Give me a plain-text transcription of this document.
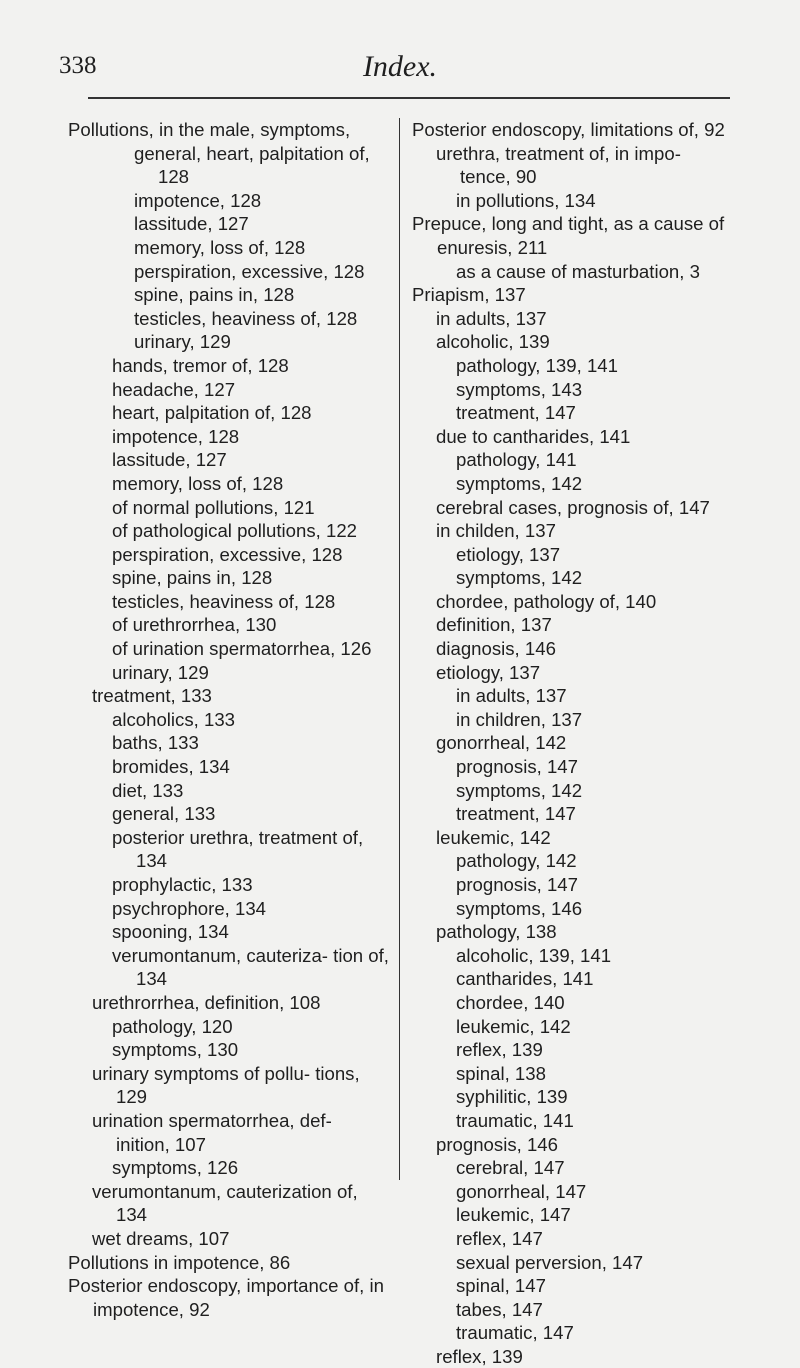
338	Index.
Pollutions, in the male, symptoms,
general, heart, palpitation of, 128
impotence, 128
lassitude, 127
memory, loss of, 128
perspiration, excessive, 128
spine, pains in, 128
testicles, heaviness of, 128
urinary, 129
hands, tremor of, 128
headache, 127
heart, palpitation of, 128
impotence, 128
lassitude, 127
memory, loss of, 128
of normal pollutions, 121
of pathological pollutions, 122
perspiration, excessive, 128
spine, pains in, 128
testicles, heaviness of, 128
of urethrorrhea, 130
of urination spermatorrhea, 126
urinary, 129
treatment, 133
alcoholics, 133
baths, 133
bromides, 134
diet, 133
general, 133
posterior urethra, treatment of, 134
prophylactic, 133
psychrophore, 134
spooning, 134
verumontanum, cauteriza- tion of, 134
urethrorrhea, definition, 108
pathology, 120
symptoms, 130
urinary symptoms of pollu- tions, 129
urination spermatorrhea, def- inition, 107
symptoms, 126
verumontanum, cauterization of, 134
wet dreams, 107
Pollutions in impotence, 86
Posterior endoscopy, importance of, in impotence, 92
Posterior endoscopy, limitations of, 92
urethra, treatment of, in impo- tence, 90
in pollutions, 134
Prepuce, long and tight, as a cause of enuresis, 211
as a cause of masturbation, 3
Priapism, 137
in adults, 137
alcoholic, 139
pathology, 139, 141
symptoms, 143
treatment, 147
due to cantharides, 141
pathology, 141
symptoms, 142
cerebral cases, prognosis of, 147
in childen, 137
etiology, 137
symptoms, 142
chordee, pathology of, 140
definition, 137
diagnosis, 146
etiology, 137
in adults, 137
in children, 137
gonorrheal, 142
prognosis, 147
symptoms, 142
treatment, 147
leukemic, 142
pathology, 142
prognosis, 147
symptoms, 146
pathology, 138
alcoholic, 139, 141
cantharides, 141
chordee, 140
leukemic, 142
reflex, 139
spinal, 138
syphilitic, 139
traumatic, 141
prognosis, 146
cerebral, 147
gonorrheal, 147
leukemic, 147
reflex, 147
sexual perversion, 147
spinal, 147
tabes, 147
traumatic, 147
reflex, 139
